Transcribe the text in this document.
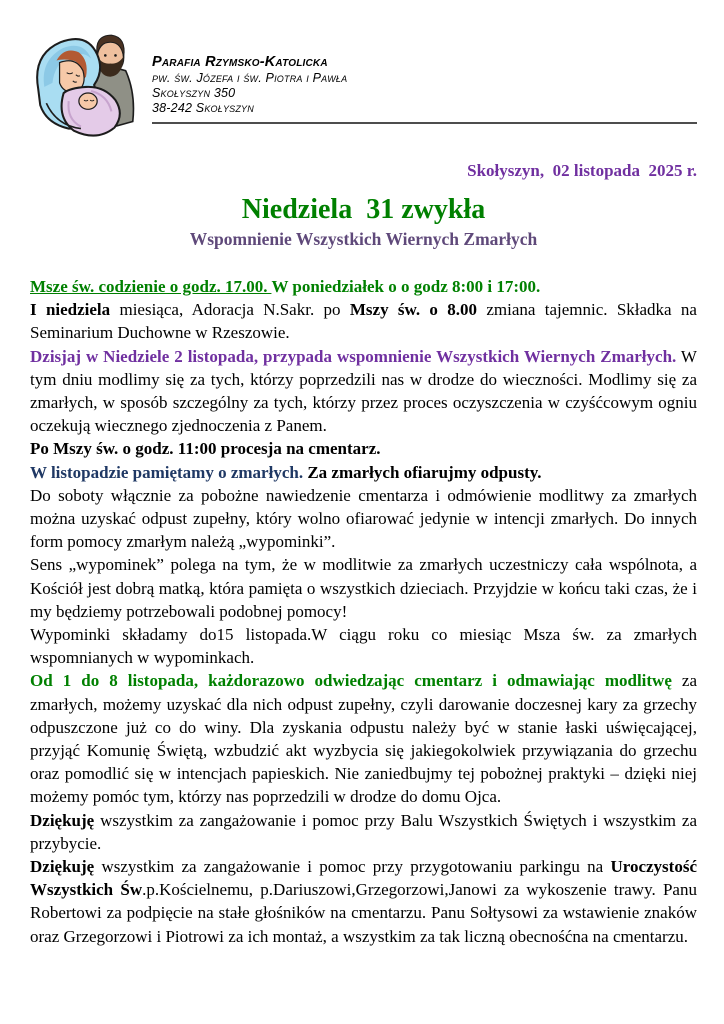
Parafia Rzymsko-Katolicka
pw. św. Józefa i św. Piotra i Pawła
Skołyszyn 350
38-242 Skołyszyn
Skołyszyn,  02 listopada  2025 r.
Niedziela  31 zwykła
Wspomnienie Wszystkich Wiernych Zmarłych

Msze św. codzienie o godz. 17.00. W poniedziałek o o godz 8:00 i 17:00.

I niedziela miesiąca, Adoracja N.Sakr. po Mszy św. o 8.00 zmiana tajemnic. Składka na Seminarium Duchowne w Rzeszowie.

Dzisjaj w Niedziele 2 listopada, przypada wspomnienie Wszystkich Wiernych Zmarłych. W tym dniu modlimy się za tych, którzy poprzedzili nas w drodze do wieczności. Modlimy się za zmarłych, w sposób szczególny za tych, którzy przez proces oczyszczenia w czyśćcowym ogniu oczekują wiecznego zjednoczenia z Panem.

Po Mszy św. o godz. 11:00 procesja na cmentarz.

W listopadzie pamiętamy o zmarłych. Za zmarłych ofiarujmy odpusty.

Do soboty włącznie za pobożne nawiedzenie cmentarza i odmówienie modlitwy za zmarłych można uzyskać odpust zupełny, który wolno ofiarować jedynie w intencji zmarłych. Do innych form pomocy zmarłym należą „wypominki”.

Sens „wypominek” polega na tym, że w modlitwie za zmarłych uczestniczy cała wspólnota, a Kościół jest dobrą matką, która pamięta o wszystkich dzieciach. Przyjdzie w końcu taki czas, że i my będziemy potrzebowali podobnej pomocy!

Wypominki składamy do15 listopada.W ciągu roku co miesiąc Msza św. za zmarłych wspomnianych w wypominkach.

Od 1 do 8 listopada, każdorazowo odwiedzając cmentarz i odmawiając modlitwę za zmarłych, możemy uzyskać dla nich odpust zupełny, czyli darowanie doczesnej kary za grzechy odpuszczone już co do winy. Dla zyskania odpustu należy być w stanie łaski uświęcającej, przyjąć Komunię Świętą, wzbudzić akt wyzbycia się jakiegokolwiek przywiązania do grzechu oraz pomodlić się w intencjach papieskich. Nie zaniedbujmy tej pobożnej praktyki – dzięki niej możemy pomóc tym, którzy nas poprzedzili w drodze do domu Ojca.

Dziękuję wszystkim za zangażowanie i pomoc przy Balu Wszystkich Świętych i wszystkim za przybycie.

Dziękuję wszystkim za zangażowanie i pomoc przy przygotowaniu parkingu na Uroczystość Wszystkich Św.p.Kościelnemu, p.Dariuszowi,Grzegorzowi,Janowi za wykoszenie trawy. Panu Robertowi za podpięcie na stałe głośników na cmentarzu. Panu Sołtysowi za wstawienie znaków oraz Grzegorzowi i Piotrowi za ich montaż, a wszystkim za tak liczną obecnośćna na cmentarzu.
